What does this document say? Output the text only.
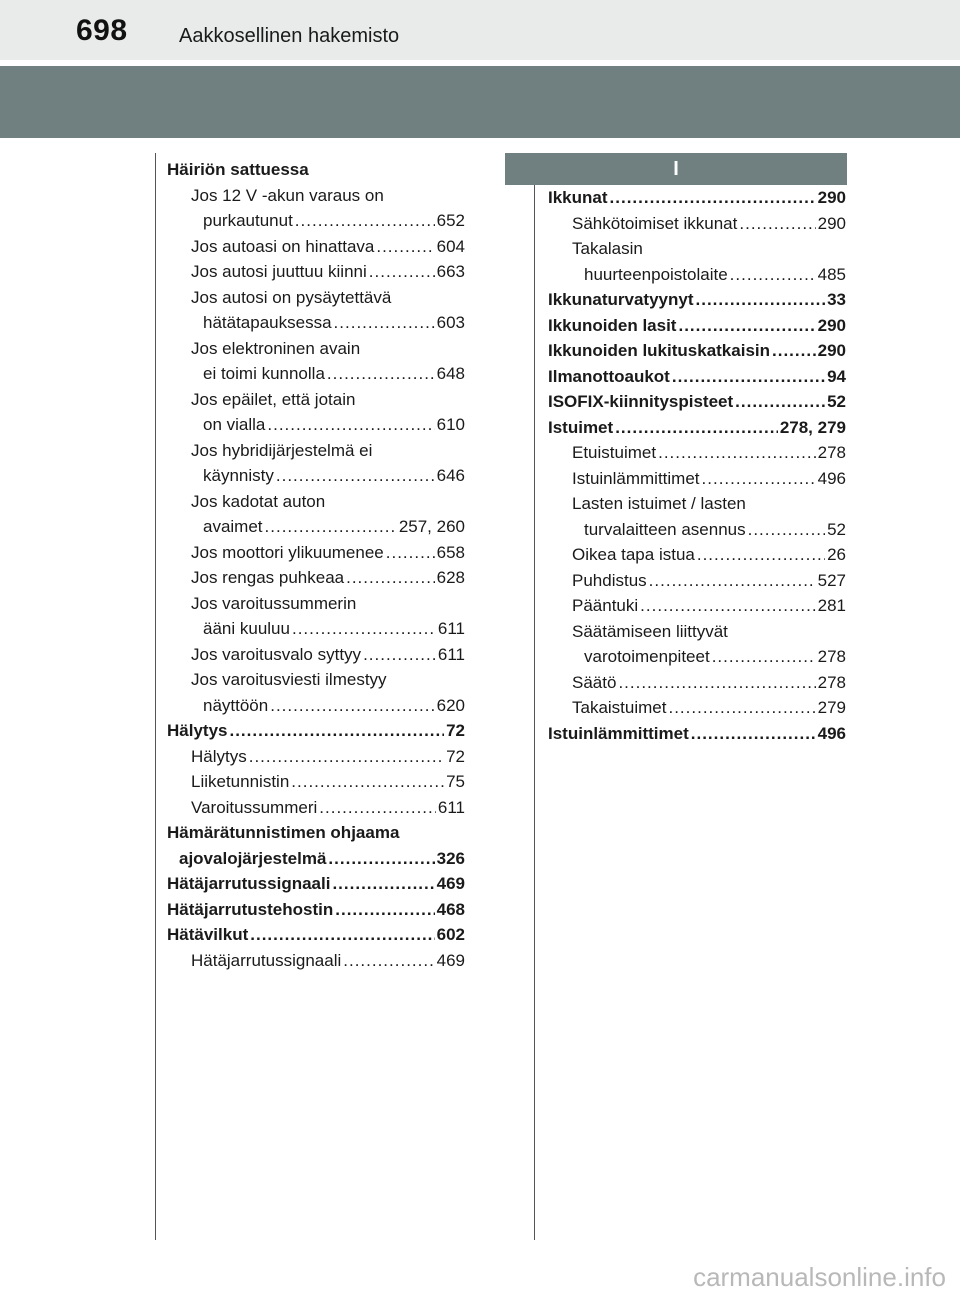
698	Aakkosellinen hakemisto
I
Häiriön sattuessa
Jos 12 V -akun varaus on
purkautunut .....	652
Jos autoasi on hinattava .....	604
Jos autosi juuttuu kiinni .....	663
Jos autosi on pysäytettävä
hätätapauksessa .....	603
Jos elektroninen avain
ei toimi kunnolla .....	648
Jos epäilet, että jotain
on vialla .....	610
Jos hybridijärjestelmä ei
käynnisty .....	646
Jos kadotat auton
avaimet .....	257, 260
Jos moottori ylikuumenee .....	658
Jos rengas puhkeaa .....	628
Jos varoitussummerin
ääni kuuluu .....	611
Jos varoitusvalo syttyy .....	611
Jos varoitusviesti ilmestyy
näyttöön .....	620
Hälytys .....	72
Hälytys .....	72
Liiketunnistin .....	75
Varoitussummeri .....	611
Hämärätunnistimen ohjaama
ajovalojärjestelmä .....	326
Hätäjarrutussignaali .....	469
Hätäjarrutustehostin .....	468
Hätävilkut .....	602
Hätäjarrutussignaali .....	469
Ikkunat .....	290
Sähkötoimiset ikkunat .....	290
Takalasin
huurteenpoistolaite .....	485
Ikkunaturvatyynyt .....	33
Ikkunoiden lasit .....	290
Ikkunoiden lukituskatkaisin .....	290
Ilmanottoaukot .....	94
ISOFIX-kiinnityspisteet .....	52
Istuimet .....	278, 279
Etuistuimet .....	278
Istuinlämmittimet .....	496
Lasten istuimet / lasten
turvalaitteen asennus .....	52
Oikea tapa istua .....	26
Puhdistus .....	527
Pääntuki .....	281
Säätämiseen liittyvät
varotoimenpiteet .....	278
Säätö .....	278
Takaistuimet .....	279
Istuinlämmittimet .....	496
carmanualsonline.info
